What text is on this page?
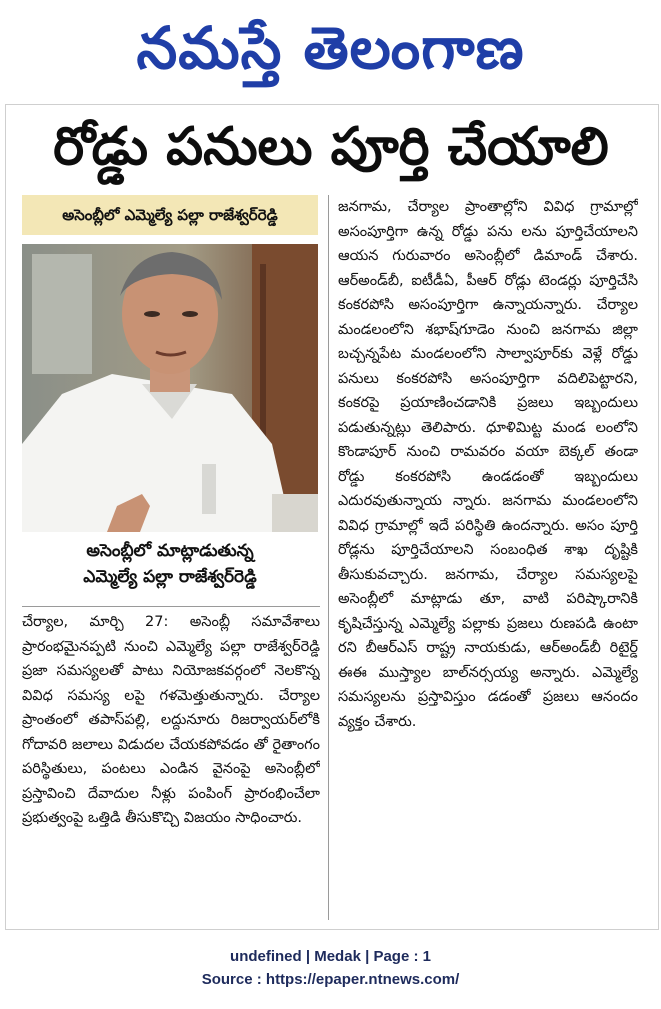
నమస్తే తెలంగాణ
రోడ్డు పనులు పూర్తి చేయాలి
అసెంబ్లీలో ఎమ్మెల్యే పల్లా రాజేశ్వర్‌రెడ్డి
అసెంబ్లీలో మాట్లాడుతున్న
ఎమ్మెల్యే పల్లా రాజేశ్వర్‌రెడ్డి
చేర్యాల, మార్చి 27: అసెంబ్లీ సమావేశాలు ప్రారంభమైనప్పటి నుంచి ఎమ్మెల్యే పల్లా రాజేశ్వర్‌రెడ్డి ప్రజా సమస్యలతో పాటు నియోజకవర్గంలో నెలకొన్న వివిధ సమస్య లపై గళమెత్తుతున్నారు. చేర్యాల ప్రాంతంలో తపాస్‌పల్లి, లద్దునూరు రిజర్వాయర్‌లోకి గోదావరి జలాలు విడుదల చేయకపోవడం తో రైతాంగం పరిస్థితులు, పంటలు ఎండిన వైనంపై అసెంబ్లీలో ప్రస్తావించి దేవాదుల నీళ్లు పంపింగ్ ప్రారంభించేలా ప్రభుత్వంపై ఒత్తిడి తీసుకొచ్చి విజయం సాధించారు.
జనగామ, చేర్యాల ప్రాంతాల్లోని వివిధ గ్రామాల్లో అసంపూర్తిగా ఉన్న రోడ్డు పను లను పూర్తిచేయాలని ఆయన గురువారం అసెంబ్లీలో డిమాండ్ చేశారు. ఆర్‌అండ్‌బీ, ఐటీడీఏ, పీఆర్ రోడ్లు టెండర్లు పూర్తిచేసి కంకరపోసి అసంపూర్తిగా ఉన్నాయన్నారు. చేర్యాల మండలంలోని శభాష్‌గూడెం నుంచి జనగామ జిల్లా బచ్చన్నపేట మండలంలోని సాల్వాపూర్‌కు వెళ్లే రోడ్డు పనులు కంకరపోసి అసంపూర్తిగా వదిలిపెట్టారని, కంకరపై ప్రయాణించడానికి ప్రజలు ఇబ్బందులు పడుతున్నట్లు తెలిపారు. ధూళిమిట్ట మండ లంలోని కొండాపూర్ నుంచి రామవరం వయా బెక్కల్ తండా రోడ్డు కంకరపోసి ఉండడంతో ఇబ్బందులు ఎదురవుతున్నాయ న్నారు. జనగామ మండలంలోని వివిధ గ్రామాల్లో ఇదే పరిస్థితి ఉందన్నారు. అసం పూర్తి రోడ్లను పూర్తిచేయాలని సంబంధిత శాఖ దృష్టికి తీసుకువచ్చారు. జనగామ, చేర్యాల సమస్యలపై అసెంబ్లీలో మాట్లాడు తూ, వాటి పరిష్కారానికి కృషిచేస్తున్న ఎమ్మెల్యే పల్లాకు ప్రజలు రుణపడి ఉంటా రని బీఆర్‌ఎస్ రాష్ట్ర నాయకుడు, ఆర్‌అండ్‌బీ రిటైర్డ్ ఈఈ ముస్త్యాల బాల్‌నర్సయ్య అన్నారు. ఎమ్మెల్యే సమస్యలను ప్రస్తావిస్తుం డడంతో ప్రజలు ఆనందం వ్యక్తం చేశారు.
undefined | Medak | Page : 1
Source : https://epaper.ntnews.com/
